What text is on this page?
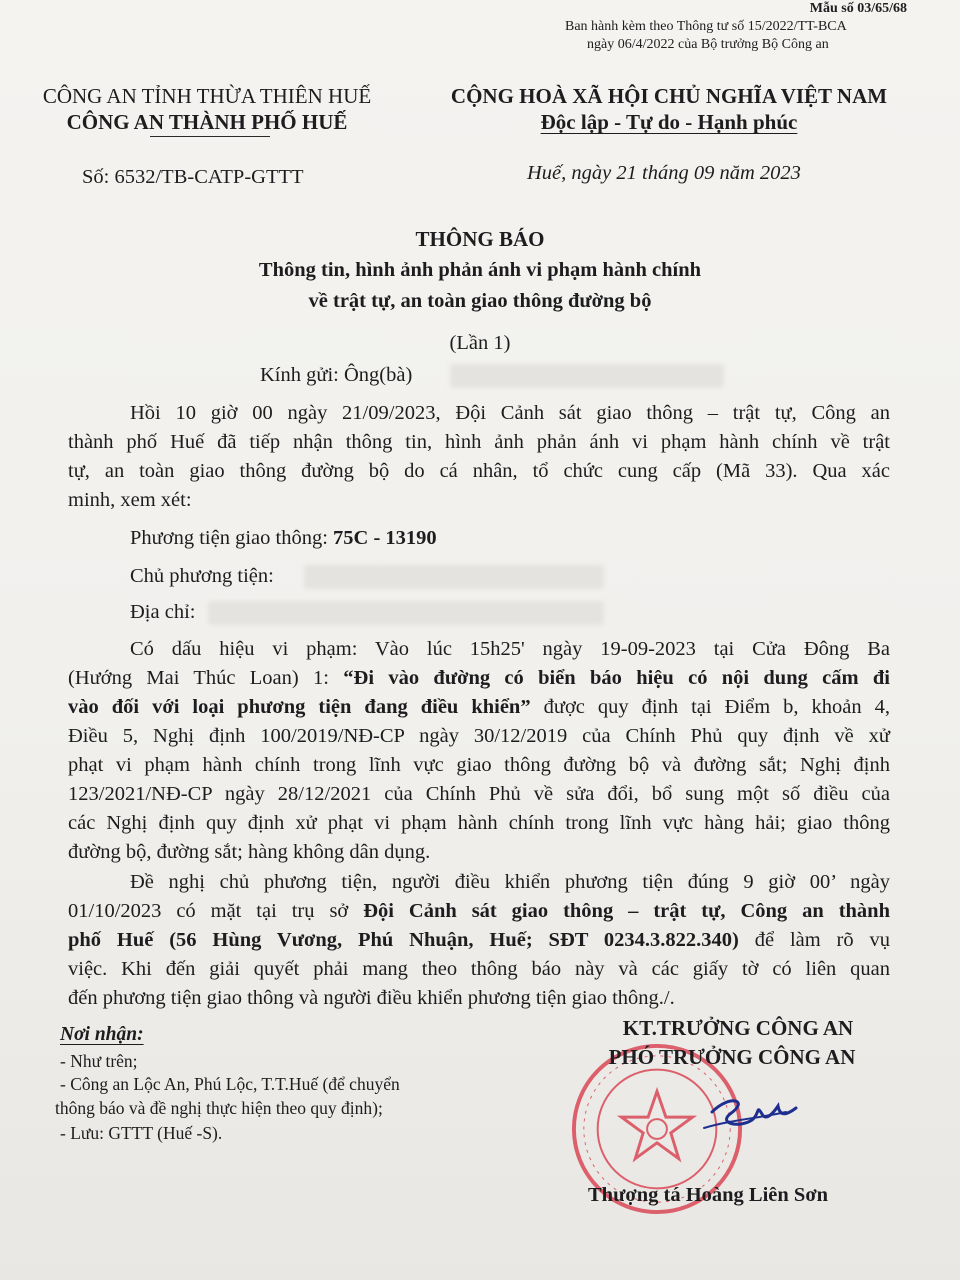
Mẫu số 03/65/68
Ban hành kèm theo Thông tư số 15/2022/TT-BCA
ngày 06/4/2022 của Bộ trưởng Bộ Công an
CÔNG AN TỈNH THỪA THIÊN HUẾ
CÔNG AN THÀNH PHỐ HUẾ
CỘNG HOÀ XÃ HỘI CHỦ NGHĨA VIỆT NAM
Độc lập - Tự do - Hạnh phúc
Số: 6532/TB-CATP-GTTT	Huế, ngày 21 tháng 09 năm 2023
THÔNG BÁO
Thông tin, hình ảnh phản ánh vi phạm hành chính
về trật tự, an toàn giao thông đường bộ
(Lần 1)
Kính gửi: Ông(bà)
Hồi 10 giờ 00 ngày 21/09/2023, Đội Cảnh sát giao thông – trật tự, Công an
thành phố Huế đã tiếp nhận thông tin, hình ảnh phản ánh vi phạm hành chính về trật
tự, an toàn giao thông đường bộ do cá nhân, tổ chức cung cấp (Mã 33). Qua xác
minh, xem xét:
Phương tiện giao thông: 75C - 13190
Chủ phương tiện:
Địa chỉ:
Có dấu hiệu vi phạm: Vào lúc 15h25' ngày 19-09-2023 tại Cửa Đông Ba
(Hướng Mai Thúc Loan) 1: “Đi vào đường có biển báo hiệu có nội dung cấm đi
vào đối với loại phương tiện đang điều khiển” được quy định tại Điểm b, khoản 4,
Điều 5, Nghị định 100/2019/NĐ-CP ngày 30/12/2019 của Chính Phủ quy định về xử
phạt vi phạm hành chính trong lĩnh vực giao thông đường bộ và đường sắt; Nghị định
123/2021/NĐ-CP ngày 28/12/2021 của Chính Phủ về sửa đổi, bổ sung một số điều của
các Nghị định quy định xử phạt vi phạm hành chính trong lĩnh vực hàng hải; giao thông
đường bộ, đường sắt; hàng không dân dụng.
Đề nghị chủ phương tiện, người điều khiển phương tiện đúng 9 giờ 00’ ngày
01/10/2023 có mặt tại trụ sở Đội Cảnh sát giao thông – trật tự, Công an thành
phố Huế (56 Hùng Vương, Phú Nhuận, Huế; SĐT 0234.3.822.340) để làm rõ vụ
việc. Khi đến giải quyết phải mang theo thông báo này và các giấy tờ có liên quan
đến phương tiện giao thông và người điều khiển phương tiện giao thông./.
Nơi nhận:
- Như trên;
- Công an Lộc An, Phú Lộc, T.T.Huế (để chuyển
thông báo và đề nghị thực hiện theo quy định);
- Lưu: GTTT (Huế -S).
KT.TRƯỞNG CÔNG AN
PHÓ TRƯỞNG CÔNG AN
Thượng tá Hoàng Liên Sơn
